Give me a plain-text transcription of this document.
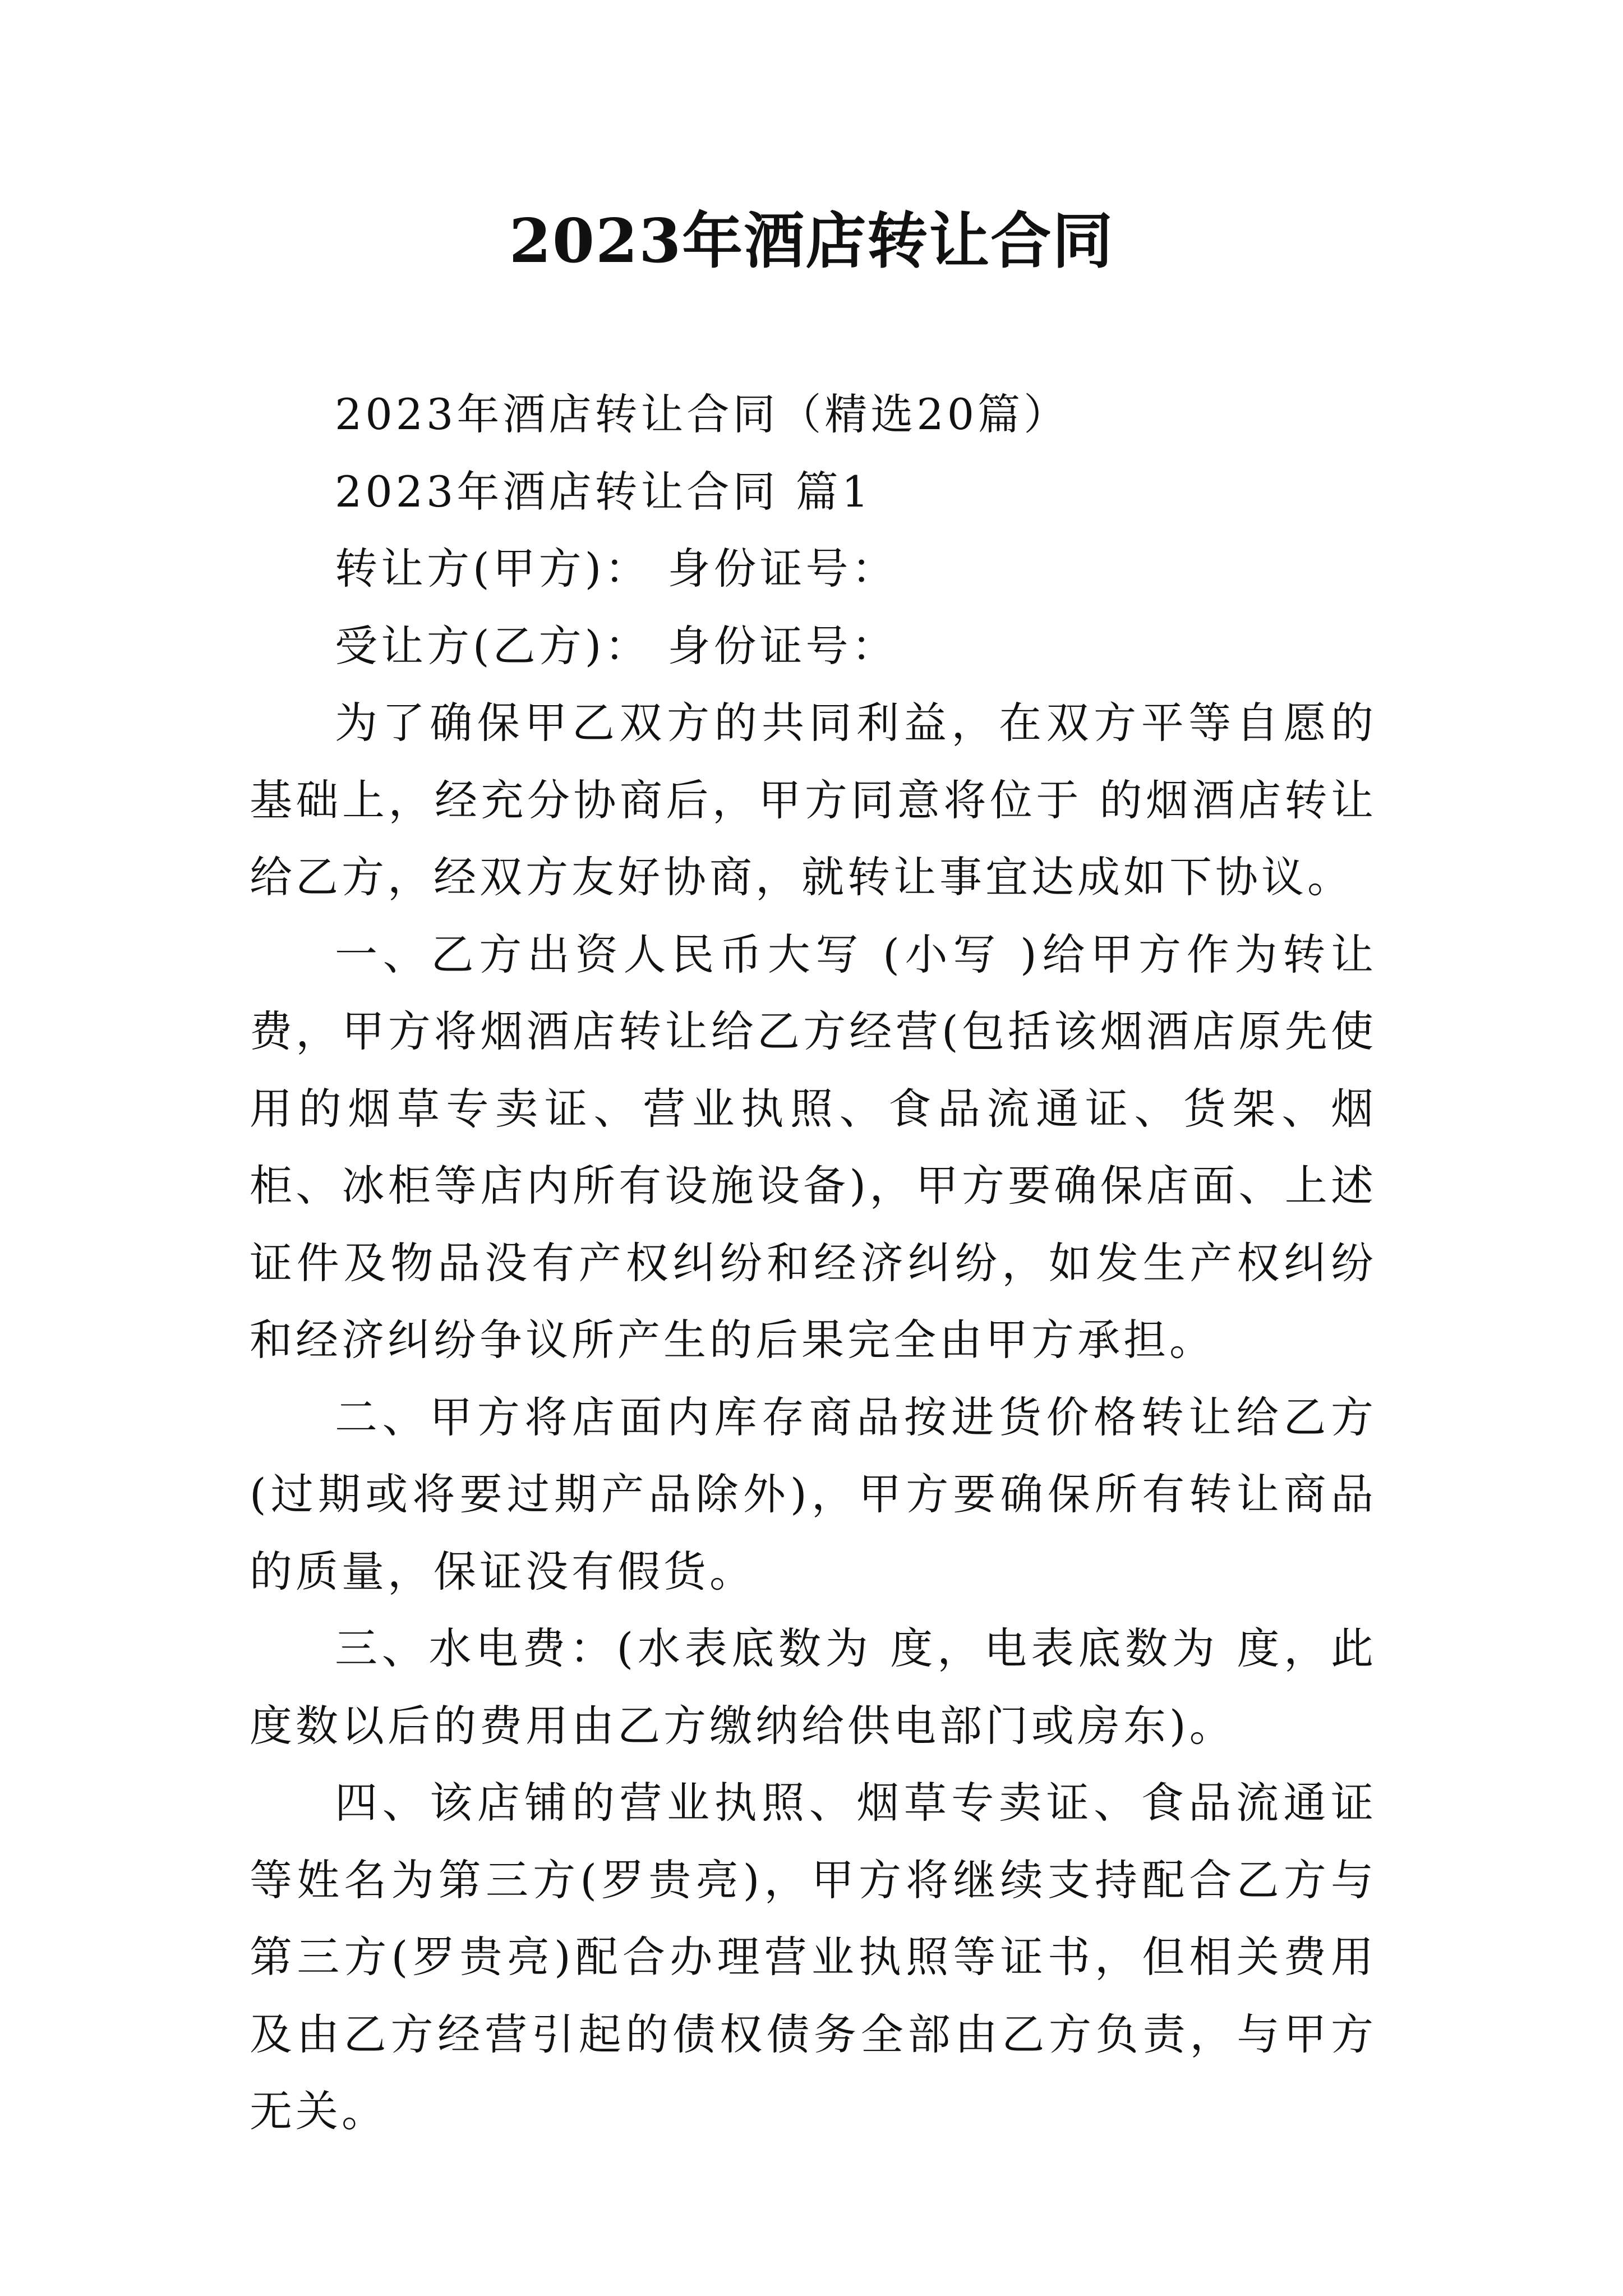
2023年酒店转让合同

2023年酒店转让合同（精选20篇）

2023年酒店转让合同 篇1

转让方(甲方)： 身份证号：

受让方(乙方)： 身份证号：

为了确保甲乙双方的共同利益，在双方平等自愿的基础上，经充分协商后，甲方同意将位于 的烟酒店转让给乙方，经双方友好协商，就转让事宜达成如下协议。

一、乙方出资人民币大写 (小写 )给甲方作为转让费，甲方将烟酒店转让给乙方经营(包括该烟酒店原先使用的烟草专卖证、营业执照、食品流通证、货架、烟柜、冰柜等店内所有设施设备)，甲方要确保店面、上述证件及物品没有产权纠纷和经济纠纷，如发生产权纠纷和经济纠纷争议所产生的后果完全由甲方承担。

二、甲方将店面内库存商品按进货价格转让给乙方(过期或将要过期产品除外)，甲方要确保所有转让商品的质量，保证没有假货。

三、水电费：(水表底数为 度，电表底数为 度，此度数以后的费用由乙方缴纳给供电部门或房东)。

四、该店铺的营业执照、烟草专卖证、食品流通证等姓名为第三方(罗贵亮)，甲方将继续支持配合乙方与第三方(罗贵亮)配合办理营业执照等证书，但相关费用及由乙方经营引起的债权债务全部由乙方负责，与甲方无关。
